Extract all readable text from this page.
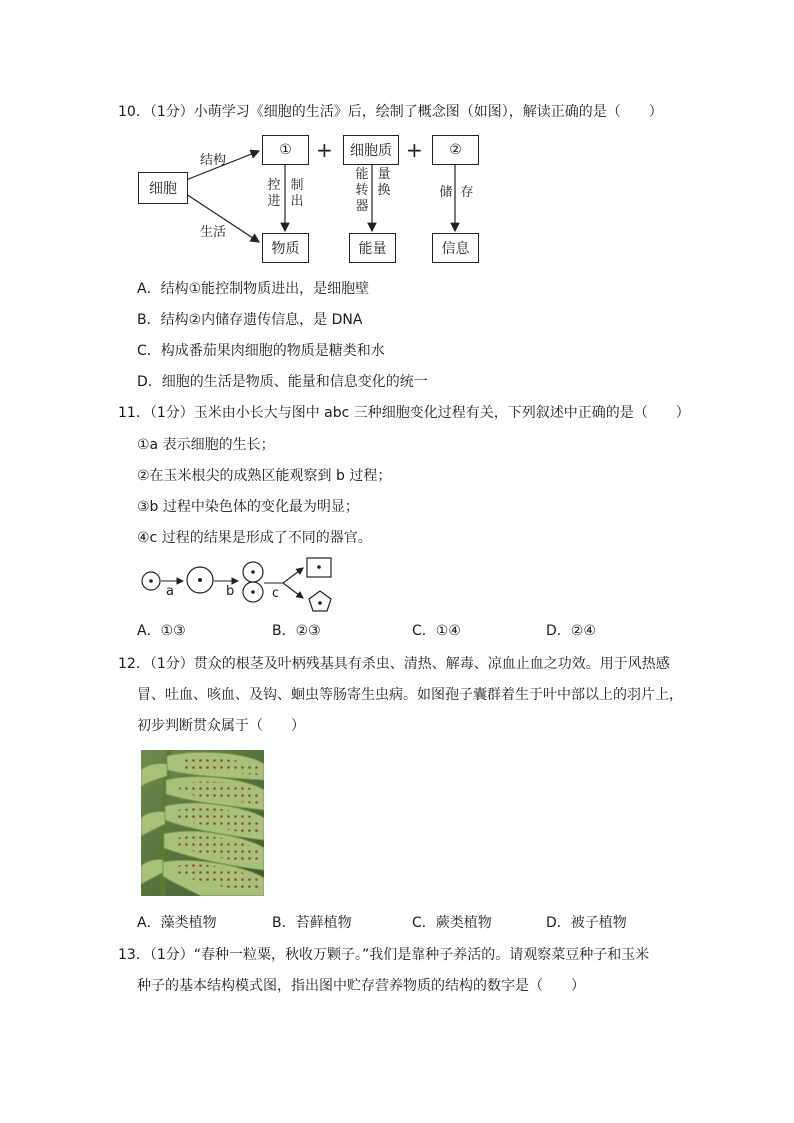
10．（1分）小萌学习《细胞的生活》后，绘制了概念图（如图），解读正确的是（　　）
细胞
①	+	细胞质 +	②
物质	能量	信息
结构
生活
控
进
制
出
能
转
器
量
换	储 存
A．结构①能控制物质进出，是细胞壁
B．结构②内储存遗传信息，是 DNA
C．构成番茄果肉细胞的物质是糖类和水
D．细胞的生活是物质、能量和信息变化的统一
11．（1分）玉米由小长大与图中 abc 三种细胞变化过程有关，下列叙述中正确的是（　　）
①a 表示细胞的生长；
②在玉米根尖的成熟区能观察到 b 过程；
③b 过程中染色体的变化最为明显；
④c 过程的结果是形成了不同的器官。
a	b	c
A．①③	B．②③	C．①④	D．②④
12．（1分）贯众的根茎及叶柄残基具有杀虫、清热、解毒、凉血止血之功效。用于风热感
冒、吐血、咳血、及钩、蛔虫等肠寄生虫病。如图孢子囊群着生于叶中部以上的羽片上，
初步判断贯众属于（　　）
A．藻类植物	B．苔藓植物	C．蕨类植物	D．被子植物
13．（1分）“春种一粒粟，秋收万颗子。”我们是靠种子养活的。请观察菜豆种子和玉米
种子的基本结构模式图，指出图中贮存营养物质的结构的数字是（　　）
